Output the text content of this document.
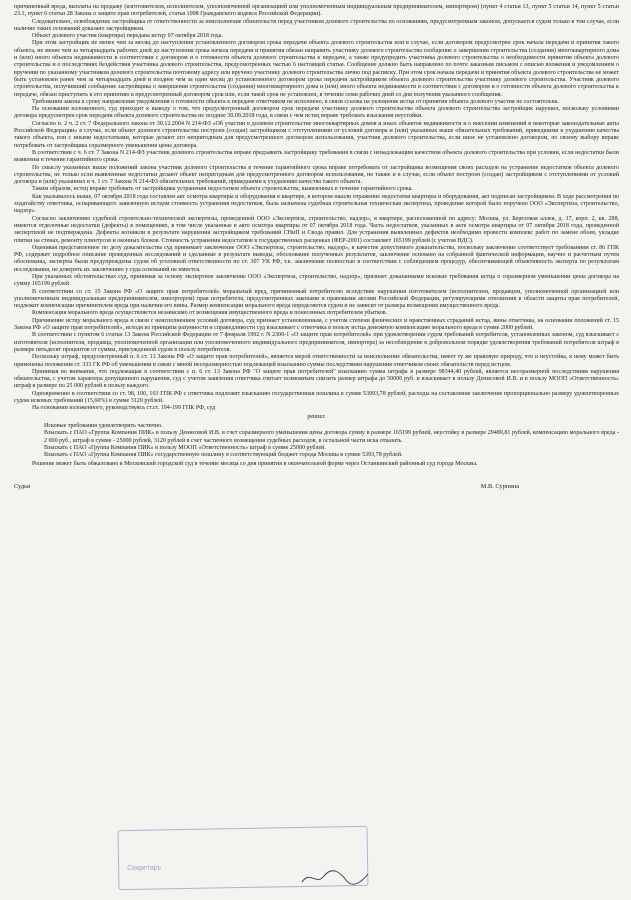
причиненный вреда, выплаты на продажу (изготовителем, исполнителем, уполномоченной организацией или уполномоченным индивидуальным предпринимателем, импортером) (пункт 4 статьи 13, пункт 5 статьи 14, пункт 5 статьи 23.1, пункт 6 статьи 28 Закона о защите прав потребителей, статья 1098 Гражданского кодекса Российской Федерации).

Следовательно, освобождение застройщика от ответственности за неисполнение обязательств перед участником долевого строительства по основаниям, предусмотренным законом, допускается судом только в том случае, если наличие таких оснований доказано застройщиком.

Объект долевого участия (квартира) передана истцу 07 октября 2018 года.

При этом застройщик не менее чем за месяц до наступления установленного договором срока передачи объекта долевого строительства или в случае, если договором предусмотрен срок начала передачи и принятия такого объекта, не менее чем за четырнадцать рабочих дней до наступления срока начала передачи и принятия обязан направить участнику долевого строительства сообщение о завершении строительства (создания) многоквартирного дома и (или) иного объекта недвижимости в соответствии с договором и о готовности объекта долевого строительства к передаче, а также предупредить участника долевого строительства о необходимости принятия объекта долевого строительства и о последствиях бездействия участника долевого строительства, предусмотренных частью 6 настоящей статьи. Сообщение должно быть направлено по почте заказным письмом с описью вложения и уведомлением о вручении по указанному участником долевого строительства почтовому адресу или вручено участнику долевого строительства лично под расписку. При этом срок начала передачи и принятия объекта долевого строительства не может быть установлен ранее чем за четырнадцать дней и позднее чем за один месяц до установленного договором срока передачи застройщиком объекта долевого строительства участнику долевого строительства. Участник долевого строительства, получивший сообщение застройщика о завершении строительства (создания) многоквартирного дома и (или) иного объекта недвижимости в соответствии с договором и о готовности объекта долевого строительства к передаче, обязан приступить к его принятию в предусмотренный договором срок или, если такой срок не установлен, в течение семи рабочих дней со дня получения указанного сообщения.

Требования закона к сроку направления уведомления о готовности объекта к передаче ответчиком не исполнено, в связи ссылка на уклонение истца от принятия объекта долевого участия не состоятельна.

На основании изложенного, суд приходит к выводу о том, что предусмотренный договором срок передачи участнику долевого строительства объекта долевого строительства застройщик нарушил, поскольку условиями договора предусмотрен срок передачи объекта долевого строительства не позднее 30.09.2018 года, в связи с чем истец вправе требовать взыскания неустойки.

Согласно п. 2 ч. 2 ст. 7 Федерального закона от 30.12.2004 N 214-ФЗ «Об участии в долевом строительстве многоквартирных домов и иных объектов недвижимости и о внесении изменений в некоторые законодательные акты Российской Федерации» в случае, если объект долевого строительства построен (создан) застройщиком с отступлениями от условий договора и (или) указанных выше обязательных требований, приведшими к ухудшению качества такого объекта, или с иными недостатками, которые делают его непригодным для предусмотренного договором использования, участник долевого строительства, если иное не установлено договором, по своему выбору вправе потребовать от застройщика соразмерного уменьшения цены договора.

В соответствии с ч. 6 ст. 7 Закона N 214-ФЗ участник долевого строительства вправе предъявить застройщику требования в связи с ненадлежащим качеством объекта долевого строительства при условии, если недостатки были выявлены в течение гарантийного срока.

По смыслу указанных выше положений закона участник долевого строительства в течение гарантийного срока вправе потребовать от застройщика возмещения своих расходов на устранение недостатков объекта долевого строительства, не только если выявленные недостатки делают объект непригодным для предусмотренного договором использования, но также и в случае, если объект построен (создан) застройщиком с отступлениями от условий договора и (или) указанных в ч. 1 ст. 7 Закона N 214-ФЗ обязательных требований, приведшими к ухудшению качества такого объекта.

Таким образом, истец вправе требовать от застройщика устранения недостатков объекта строительства, выявленных в течение гарантийного срока.

Как указывалось выше, 07 октября 2018 года составлен акт осмотра квартиры и оборудования в квартире, в котором нашли отражение недостатки квартиры и оборудования, акт подписан застройщиком. В ходе рассмотрения по ходатайству ответчика, оспаривающего заявленную истцом стоимость устранения недостатков, была назначена судебная строительная техническая экспертиза, проведение которой было поручено ООО «Экспертиза, строительство, надзор».

Согласно заключению судебной строительно-технической экспертизы, проведенной ООО «Экспертиза, строительство, надзор», в квартире, расположенной по адресу: Москва, ул. Березовая аллея, д. 17, корп. 2, кв. 288, имеются отделочные недостатки (дефекты) в помещениях, в том числе указанные в акте осмотра квартиры от 07 октября 2018 года. Часть недостатков, указанных в акте осмотра квартиры от 07 октября 2018 года, проведенной экспертизой не подтверждена. Дефекты возникли в результате нарушения застройщиком требований СНиП и Свода правил. Для устранения выявленных дефектов необходимо провести комплекс работ по замене обоев, укладке плитки на стенах, ремонту плинтусов и оконных блоков. Стоимость устранения недостатков в государственных расценках (ФЕР-2001) составляет 165199 рублей (с учетом НДС).

Оценивая представленное по делу доказательства суд принимает заключение ООО «Экспертиза, строительство, надзор», в качестве допустимого доказательства, поскольку заключение соответствует требованиям ст. 86 ГПК РФ, содержит подробное описание проведенных исследований и сделанные в результате выводы, обоснование полученных результатов, заключение основано на собранной фактической информации, научно и расчетным путем обоснованы, эксперты были предупреждены судом об уголовной ответственности по ст. 307 УК РФ, т.к. заключение полностью в соответствии с соблюдением процедур, обеспечивающей объективность эксперта по результатам исследования, не доверять их заключению у суда оснований не имеется.

При указанных обстоятельствах суд, принимая за основу экспертное заключение ООО «Экспертиза, строительство, надзор», признает доказанными исковые требования истца о соразмерном уменьшении цены договора на сумму 165199 рублей.

В соответствии со ст. 15 Закона РФ «О защите прав потребителей» моральный вред, причиненный потребителю вследствие нарушения изготовителем (исполнителем, продавцом, уполномоченной организацией или уполномоченным индивидуальным предпринимателем, импортером) прав потребителя, предусмотренных законами и правовыми актами Российской Федерации, регулирующими отношения в области защиты прав потребителей, подлежит компенсации причинителем вреда при наличии его вины. Размер компенсации морального вреда определяется судом и не зависит от размера возмещения имущественного вреда.

Компенсация морального вреда осуществляется независимо от возмещения имущественного вреда и понесенных потребителем убытков.

Причинение истцу морального вреда в связи с неисполнением условий договора, суд признает установленным, с учетом степени физических и нравственных страданий истца, вины ответчика, на основании положений ст. 15 Закона РФ «О защите прав потребителей», исходя из принципа разумности и справедливости суд взыскивает с ответчика в пользу истца денежную компенсацию морального вреда в сумме 2000 рублей.

В соответствии с пунктом 6 статьи 13 Закона Российской Федерации от 7 февраля 1992 г. N 2300-1 «О защите прав потребителей» при удовлетворении судом требований потребителя, установленных законом, суд взыскивает с изготовителя (исполнителя, продавца, уполномоченной организации или уполномоченного индивидуального предпринимателя, импортера) за несоблюдение в добровольном порядке удовлетворения требований потребителя штраф в размере пятьдесят процентов от суммы, присужденной судом в пользу потребителя.

Поскольку штраф, предусмотренный п. 6 ст. 13 Закона РФ «О защите прав потребителей», является мерой ответственности за неисполнение обязательства, имеет ту же правовую природу, что и неустойка, к нему может быть применены положения ст. 333 ГК РФ об уменьшении в связи с явной несоразмерностью подлежащей взысканию суммы последствиям нарушения ответчиком своих обязательств перед истцом.

Принимая во внимание, что подлежащая в соответствии с п. 6 ст. 13 Закона РФ "О защите прав потребителей" взысканию сумма штрафа в размере 98344,40 рублей, является несоразмерной последствиям нарушения обязательства, с учетом характера допущенного нарушения, суд с учетом заявления ответчика считает возможным снизить размер штрафа до 50000 руб. и взыскивает в пользу Денисовой И.В. и в пользу МООП «Ответственность» штраф в размере по 25 000 рублей в пользу каждого.

Одновременно в соответствии со ст. 98, 100, 103 ГПК РФ с ответчика подлежит взысканию государственная пошлина в сумме 53993,78 рублей, расходы на составление заключение пропорционально размеру удовлетворенных судом исковых требований (15,60%) в сумме 3120 рублей.

На основании изложенного, руководствуясь ст.ст. 194-199 ГПК РФ, суд

решил:

Исковые требования удовлетворить частично.

Взыскать с ПАО «Группа Компания ПИК» в пользу Денисовой И.В. в счет соразмерного уменьшения цены договора сумму в размере 165199 рублей, неустойку в размере 29489,81 рублей, компенсацию морального вреда - 2 000 руб., штраф в сумме - 25000 рублей, 3120 рублей в счет частичного возмещения судебных расходов, в остальной части иска отказать.

Взыскать с ПАО «Группа Компания ПИК» в пользу МООП «Ответственность» штраф в сумме 25000 рублей.

Взыскать с ПАО «Группа Компания ПИК» государственную пошлину в соответствующий бюджет города Москвы в сумме 5393,78 рублей.

Решение может быть обжаловано в Московский городской суд в течение месяца со дня принятия в окончательной форме через Останкинский районный суд города Москвы.

Судья	М.В. Сурнина
Секретарь
